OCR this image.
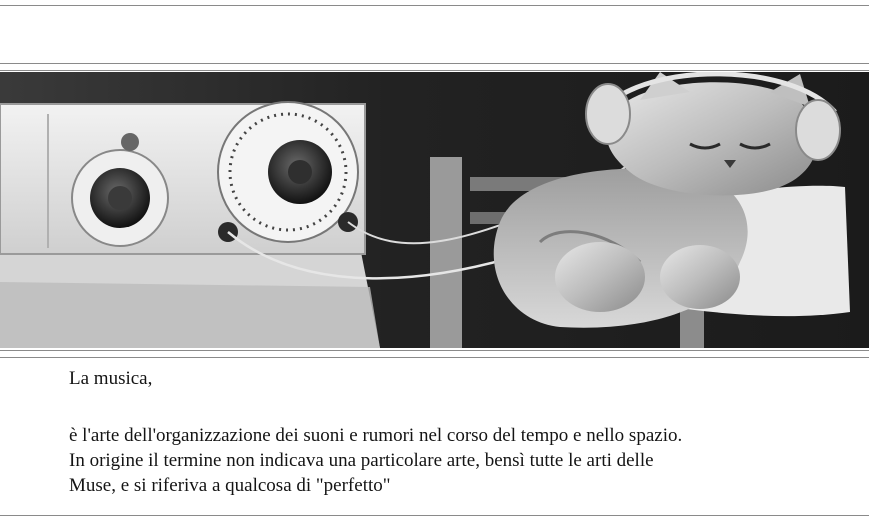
La musica,
è l'arte dell'organizzazione dei suoni e rumori nel corso del tempo e nello spazio.
In origine il termine non indicava una particolare arte, bensì tutte le arti delle
Muse, e si riferiva a qualcosa di "perfetto"
